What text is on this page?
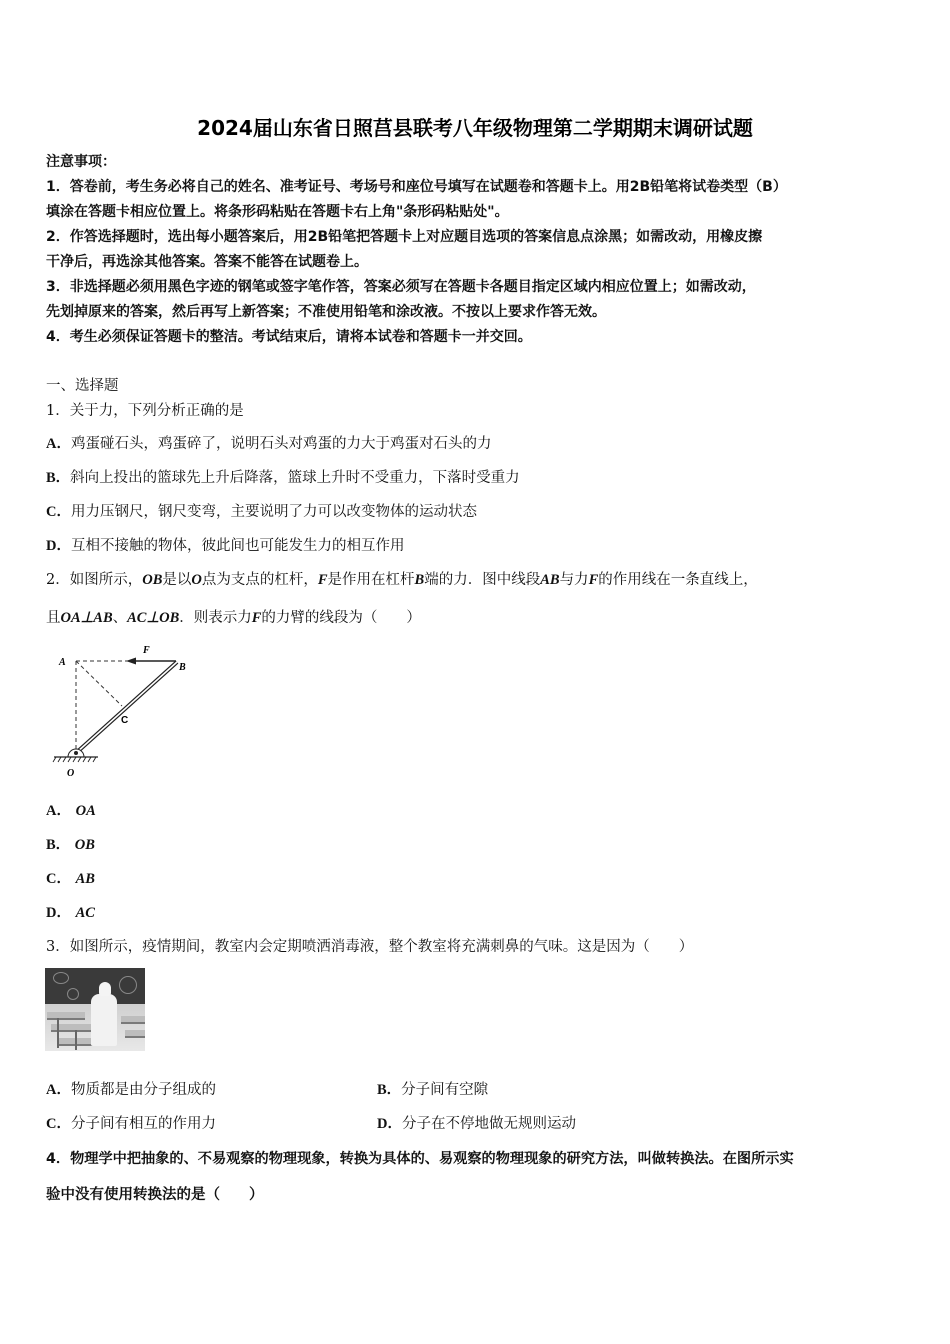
2024届山东省日照莒县联考八年级物理第二学期期末调研试题
注意事项：
1．答卷前，考生务必将自己的姓名、准考证号、考场号和座位号填写在试题卷和答题卡上。用2B铅笔将试卷类型（B）
填涂在答题卡相应位置上。将条形码粘贴在答题卡右上角"条形码粘贴处"。
2．作答选择题时，选出每小题答案后，用2B铅笔把答题卡上对应题目选项的答案信息点涂黑；如需改动，用橡皮擦
干净后，再选涂其他答案。答案不能答在试题卷上。
3．非选择题必须用黑色字迹的钢笔或签字笔作答，答案必须写在答题卡各题目指定区域内相应位置上；如需改动，
先划掉原来的答案，然后再写上新答案；不准使用铅笔和涂改液。不按以上要求作答无效。
4．考生必须保证答题卡的整洁。考试结束后，请将本试卷和答题卡一并交回。
一、选择题
1．关于力，下列分析正确的是
A．鸡蛋碰石头，鸡蛋碎了，说明石头对鸡蛋的力大于鸡蛋对石头的力
B．斜向上投出的篮球先上升后降落，篮球上升时不受重力，下落时受重力
C．用力压钢尺，钢尺变弯，主要说明了力可以改变物体的运动状态
D．互相不接触的物体，彼此间也可能发生力的相互作用
2．如图所示，OB是以O点为支点的杠杆，F是作用在杠杆B端的力．图中线段AB与力F的作用线在一条直线上，
且OA⊥AB、AC⊥OB．则表示力F的力臂的线段为（　　）
A	B
F
C
O
A． OA
B． OB
C． AB
D． AC
3．如图所示，疫情期间，教室内会定期喷洒消毒液，整个教室将充满刺鼻的气味。这是因为（　　）
A．物质都是由分子组成的	B．分子间有空隙
C．分子间有相互的作用力	D．分子在不停地做无规则运动
4．物理学中把抽象的、不易观察的物理现象，转换为具体的、易观察的物理现象的研究方法，叫做转换法。在图所示实
验中没有使用转换法的是（　　）
